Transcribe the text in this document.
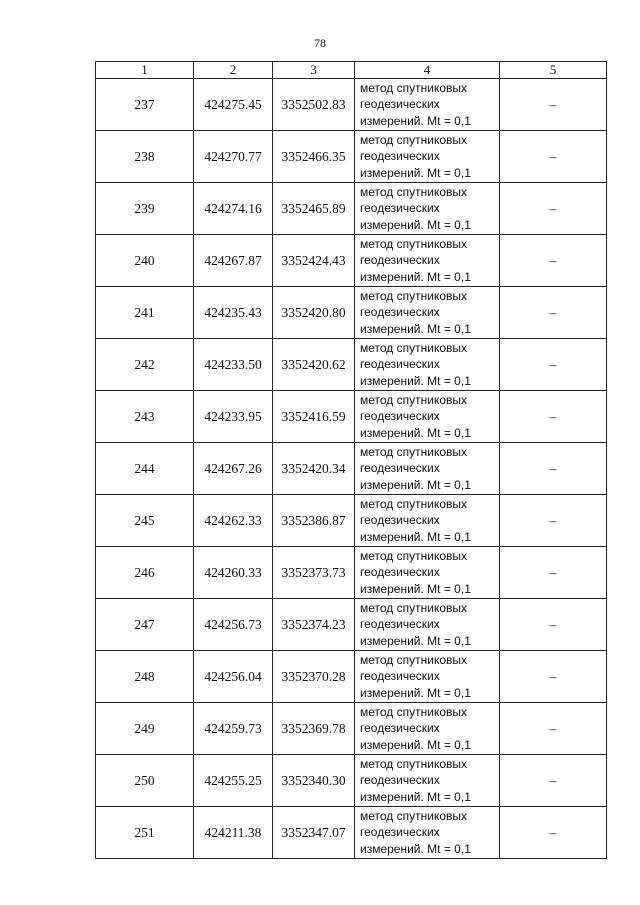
78
1	2	3	4	5
237	424275.45	3352502.83	метод спутниковых
геодезических
измерений. Mt = 0,1	–
238	424270.77	3352466.35	метод спутниковых
геодезических
измерений. Mt = 0,1	–
239	424274.16	3352465.89	метод спутниковых
геодезических
измерений. Mt = 0,1	–
240	424267.87	3352424.43	метод спутниковых
геодезических
измерений. Mt = 0,1	–
241	424235.43	3352420.80	метод спутниковых
геодезических
измерений. Mt = 0,1	–
242	424233.50	3352420.62	метод спутниковых
геодезических
измерений. Mt = 0,1	–
243	424233.95	3352416.59	метод спутниковых
геодезических
измерений. Mt = 0,1	–
244	424267.26	3352420.34	метод спутниковых
геодезических
измерений. Mt = 0,1	–
245	424262.33	3352386.87	метод спутниковых
геодезических
измерений. Mt = 0,1	–
246	424260.33	3352373.73	метод спутниковых
геодезических
измерений. Mt = 0,1	–
247	424256.73	3352374.23	метод спутниковых
геодезических
измерений. Mt = 0,1	–
248	424256.04	3352370.28	метод спутниковых
геодезических
измерений. Mt = 0,1	–
249	424259.73	3352369.78	метод спутниковых
геодезических
измерений. Mt = 0,1	–
250	424255.25	3352340.30	метод спутниковых
геодезических
измерений. Mt = 0,1	–
251	424211.38	3352347.07	метод спутниковых
геодезических
измерений. Mt = 0,1	–
